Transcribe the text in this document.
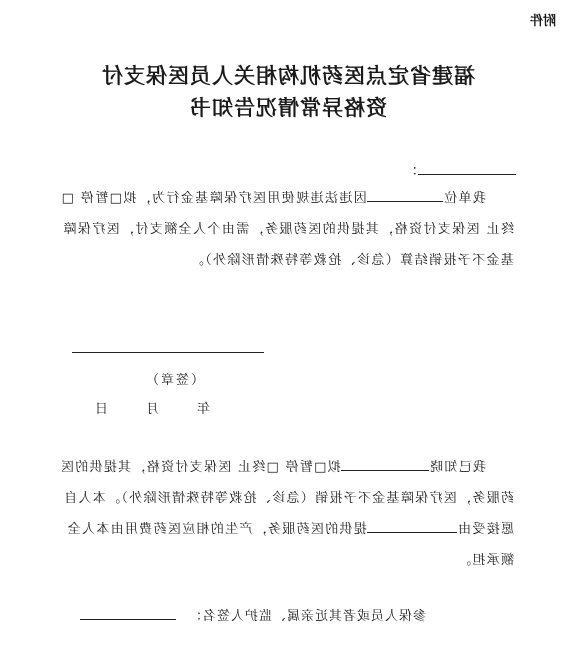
附件
福建省定点医药机构相关人员医保支付
资格异常情况告知书
：
我单位因违法违规使用医疗保障基金行为，拟□暂停 □终止 医保支付资格，其提供的医药服务，需由个人全额支付，医疗保障基金不予报销结算（急诊、抢救等特殊情形除外）。
（签章）
年月日
我已知晓拟□暂停 □终止 医保支付资格，其提供的医药服务，医疗保障基金不予报销（急诊、抢救等特殊情形除外）。本人自愿接受由提供的医药服务，产生的相应医药费用由本人全额承担。
参保人员或者其近亲属、监护人签名：
